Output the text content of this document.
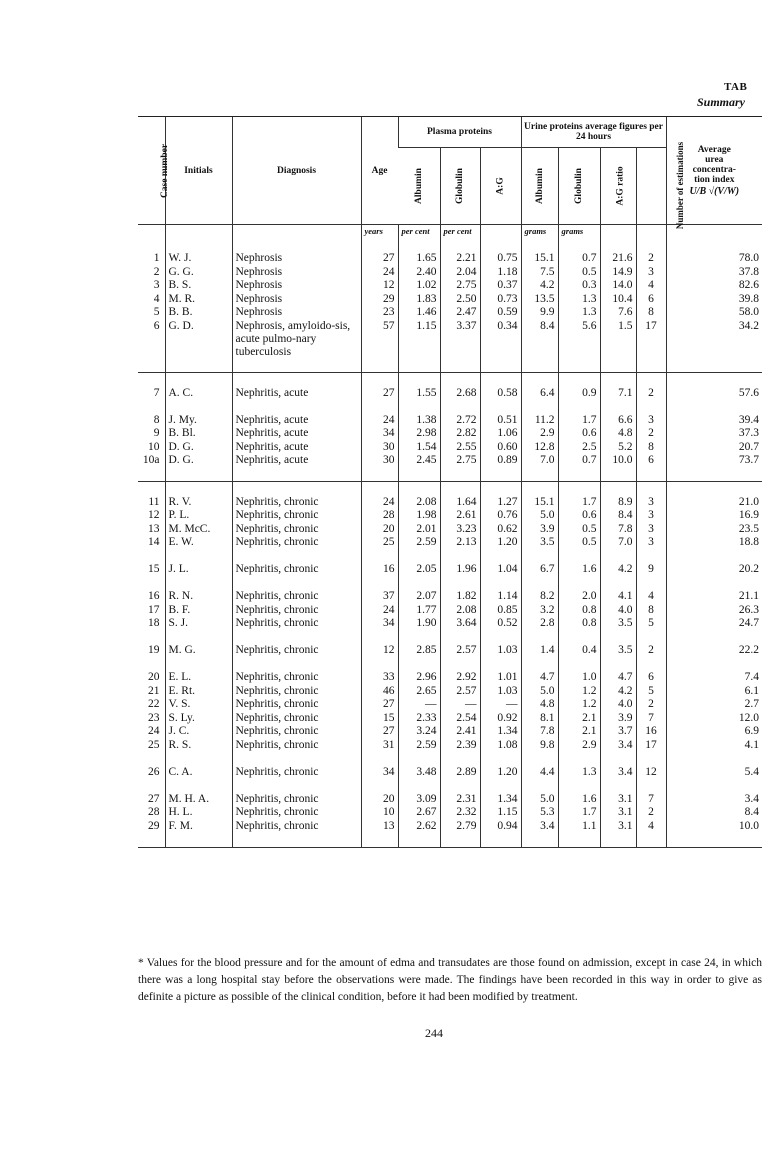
TAB
Summary
Case number	Initials	Diagnosis	Age	Plasma proteins			Urine proteins average figures per 24 hours				Average
urea
concentra-
tion index
U/B √(V/W)

				Albumin	Globulin	A:G	Albumin	Globulin	A:G ratio	Number of estimations	
			years	per cent	per cent		grams	grams			

1	W. J.	Nephrosis	27	1.65	2.21	0.75	15.1	0.7	21.6	2	78.0
2	G. G.	Nephrosis	24	2.40	2.04	1.18	7.5	0.5	14.9	3	37.8
3	B. S.	Nephrosis	12	1.02	2.75	0.37	4.2	0.3	14.0	4	82.6
4	M. R.	Nephrosis	29	1.83	2.50	0.73	13.5	1.3	10.4	6	39.8
5	B. B.	Nephrosis	23	1.46	2.47	0.59	9.9	1.3	7.6	8	58.0
6	G. D.	Nephrosis, amyloido-sis, acute pulmo-nary tuberculosis	57	1.15	3.37	0.34	8.4	5.6	1.5	17	34.2

7	A. C.	Nephritis, acute	27	1.55	2.68	0.58	6.4	0.9	7.1	2	57.6

8	J. My.	Nephritis, acute	24	1.38	2.72	0.51	11.2	1.7	6.6	3	39.4
9	B. Bl.	Nephritis, acute	34	2.98	2.82	1.06	2.9	0.6	4.8	2	37.3
10	D. G.	Nephritis, acute	30	1.54	2.55	0.60	12.8	2.5	5.2	8	20.7
10a	D. G.	Nephritis, acute	30	2.45	2.75	0.89	7.0	0.7	10.0	6	73.7

11	R. V.	Nephritis, chronic	24	2.08	1.64	1.27	15.1	1.7	8.9	3	21.0
12	P. L.	Nephritis, chronic	28	1.98	2.61	0.76	5.0	0.6	8.4	3	16.9
13	M. McC.	Nephritis, chronic	20	2.01	3.23	0.62	3.9	0.5	7.8	3	23.5
14	E. W.	Nephritis, chronic	25	2.59	2.13	1.20	3.5	0.5	7.0	3	18.8

15	J. L.	Nephritis, chronic	16	2.05	1.96	1.04	6.7	1.6	4.2	9	20.2

16	R. N.	Nephritis, chronic	37	2.07	1.82	1.14	8.2	2.0	4.1	4	21.1
17	B. F.	Nephritis, chronic	24	1.77	2.08	0.85	3.2	0.8	4.0	8	26.3
18	S. J.	Nephritis, chronic	34	1.90	3.64	0.52	2.8	0.8	3.5	5	24.7

19	M. G.	Nephritis, chronic	12	2.85	2.57	1.03	1.4	0.4	3.5	2	22.2

20	E. L.	Nephritis, chronic	33	2.96	2.92	1.01	4.7	1.0	4.7	6	7.4
21	E. Rt.	Nephritis, chronic	46	2.65	2.57	1.03	5.0	1.2	4.2	5	6.1
22	V. S.	Nephritis, chronic	27	—	—	—	4.8	1.2	4.0	2	2.7
23	S. Ly.	Nephritis, chronic	15	2.33	2.54	0.92	8.1	2.1	3.9	7	12.0
24	J. C.	Nephritis, chronic	27	3.24	2.41	1.34	7.8	2.1	3.7	16	6.9
25	R. S.	Nephritis, chronic	31	2.59	2.39	1.08	9.8	2.9	3.4	17	4.1

26	C. A.	Nephritis, chronic	34	3.48	2.89	1.20	4.4	1.3	3.4	12	5.4

27	M. H. A.	Nephritis, chronic	20	3.09	2.31	1.34	5.0	1.6	3.1	7	3.4
28	H. L.	Nephritis, chronic	10	2.67	2.32	1.15	5.3	1.7	3.1	2	8.4
29	F. M.	Nephritis, chronic	13	2.62	2.79	0.94	3.4	1.1	3.1	4	10.0

* Values for the blood pressure and for the amount of edma and transudates are those found on admission, except in case 24, in which there was a long hospital stay before the observations were made. The findings have been recorded in this way in order to give as definite a picture as possible of the clinical condition, before it had been modified by treatment.
244
